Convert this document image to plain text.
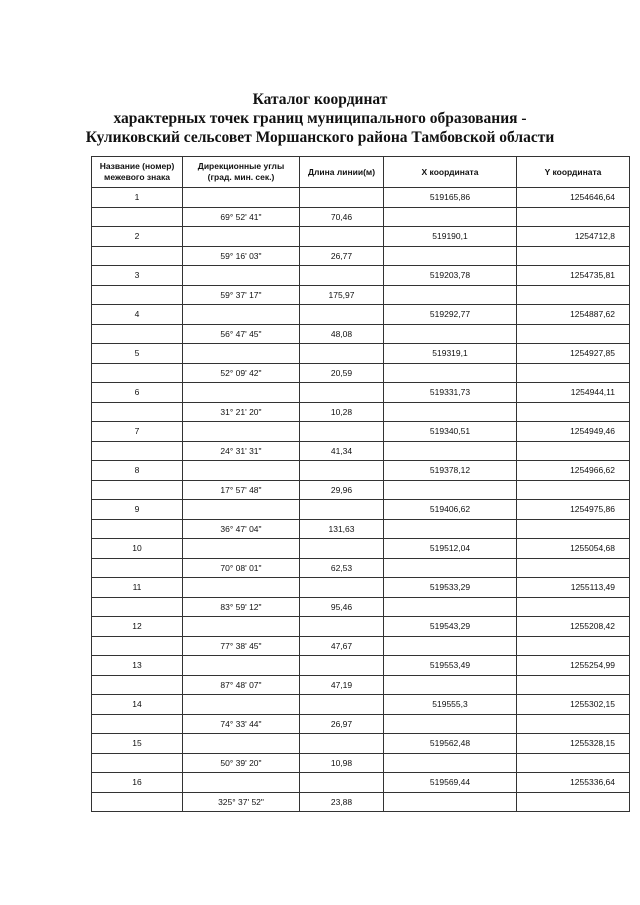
Каталог координат
характерных точек границ муниципального образования -
Куликовский сельсовет Моршанского района Тамбовской области
Название (номер) межевого знака	Дирекционные углы (град. мин. сек.)	Длина линии(м)	X координата	Y координата
1			519165,86	1254646,64
	69° 52' 41"	70,46		
2			519190,1	1254712,8
	59° 16' 03"	26,77		
3			519203,78	1254735,81
	59° 37' 17"	175,97		
4			519292,77	1254887,62
	56° 47' 45"	48,08		
5			519319,1	1254927,85
	52° 09' 42"	20,59		
6			519331,73	1254944,11
	31° 21' 20"	10,28		
7			519340,51	1254949,46
	24° 31' 31"	41,34		
8			519378,12	1254966,62
	17° 57' 48"	29,96		
9			519406,62	1254975,86
	36° 47' 04"	131,63		
10			519512,04	1255054,68
	70° 08' 01"	62,53		
11			519533,29	1255113,49
	83° 59' 12"	95,46		
12			519543,29	1255208,42
	77° 38' 45"	47,67		
13			519553,49	1255254,99
	87° 48' 07"	47,19		
14			519555,3	1255302,15
	74° 33' 44"	26,97		
15			519562,48	1255328,15
	50° 39' 20"	10,98		
16			519569,44	1255336,64
	325° 37' 52"	23,88		
